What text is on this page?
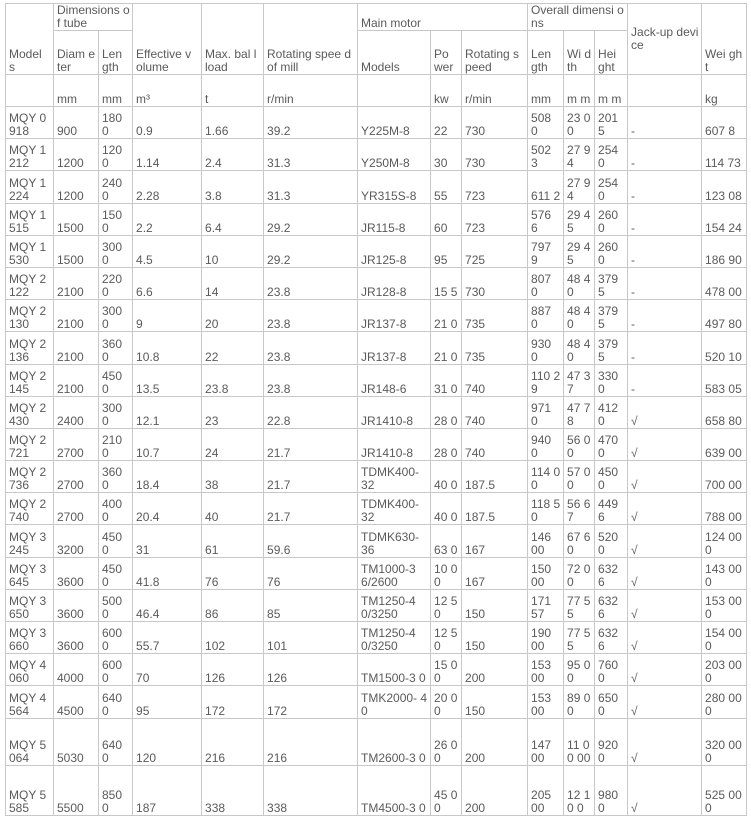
Model s	Dimensions of tube		Effective v olume	Max. bal l load	Rotating spee d of mill	Main motor			Overall dimensi ons			Jack-up device	Wei ght
	Diam eter	Len gth				Models	Po wer	Rotating speed	Len gth	Wi dth	Hei ght		
	mm	mm	m³	t	r/min		kw	r/min	mm	m m	m m		kg
MQY 0918	900	180 0	0.9	1.66	39.2	Y225M-8	22	730	508 0	23 00	201 5	-	607 8
MQY 1212	1200	120 0	1.14	2.4	31.3	Y250M-8	30	730	502 3	27 94	254 0	-	114 73
MQY 1224	1200	240 0	2.28	3.8	31.3	YR315S-8	55	723	611 2	27 94	254 0	-	123 08
MQY 1515	1500	150 0	2.2	6.4	29.2	JR115-8	60	723	576 6	29 45	260 0	-	154 24
MQY 1530	1500	300 0	4.5	10	29.2	JR125-8	95	725	797 9	29 45	260 0	-	186 90
MQY 2122	2100	220 0	6.6	14	23.8	JR128-8	15 5	730	807 0	48 40	379 5	-	478 00
MQY 2130	2100	300 0	9	20	23.8	JR137-8	21 0	735	887 0	48 40	379 5	-	497 80
MQY 2136	2100	360 0	10.8	22	23.8	JR137-8	21 0	735	930 0	48 40	379 5	-	520 10
MQY 2145	2100	450 0	13.5	23.8	23.8	JR148-6	31 0	740	110 29	47 37	330 0	-	583 05
MQY 2430	2400	300 0	12.1	23	22.8	JR1410-8	28 0	740	971 0	47 78	412 0	√	658 80
MQY 2721	2700	210 0	10.7	24	21.7	JR1410-8	28 0	740	940 0	56 00	470 0	√	639 00
MQY 2736	2700	360 0	18.4	38	21.7	TDMK400- 32	40 0	187.5	114 00	57 00	450 0	√	700 00
MQY 2740	2700	400 0	20.4	40	21.7	TDMK400- 32	40 0	187.5	118 50	56 67	449 6	√	788 00
MQY 3245	3200	450 0	31	61	59.6	TDMK630- 36	63 0	167	146 00	67 60	520 0	√	124 000
MQY 3645	3600	450 0	41.8	76	76	TM1000-3 6/2600	10 00	167	150 00	72 00	632 6	√	143 000
MQY 3650	3600	500 0	46.4	86	85	TM1250-4 0/3250	12 50	150	171 57	77 55	632 6	√	153 000
MQY 3660	3600	600 0	55.7	102	101	TM1250-4 0/3250	12 50	150	190 00	77 55	632 6	√	154 000
MQY 4060	4000	600 0	70	126	126	TM1500-3 0	15 00	200	153 00	95 00	760 0	√	203 000
MQY 4564	4500	640 0	95	172	172	TMK2000- 40	20 00	150	153 00	89 00	650 0	√	280 000
MQY 5064	5030	640 0	120	216	216	TM2600-3 0	26 00	200	147 00	11 00 00	920 0	√	320 000
MQY 5585	5500	850 0	187	338	338	TM4500-3 0	45 00	200	205 00	12 10 0	980 0	√	525 000
